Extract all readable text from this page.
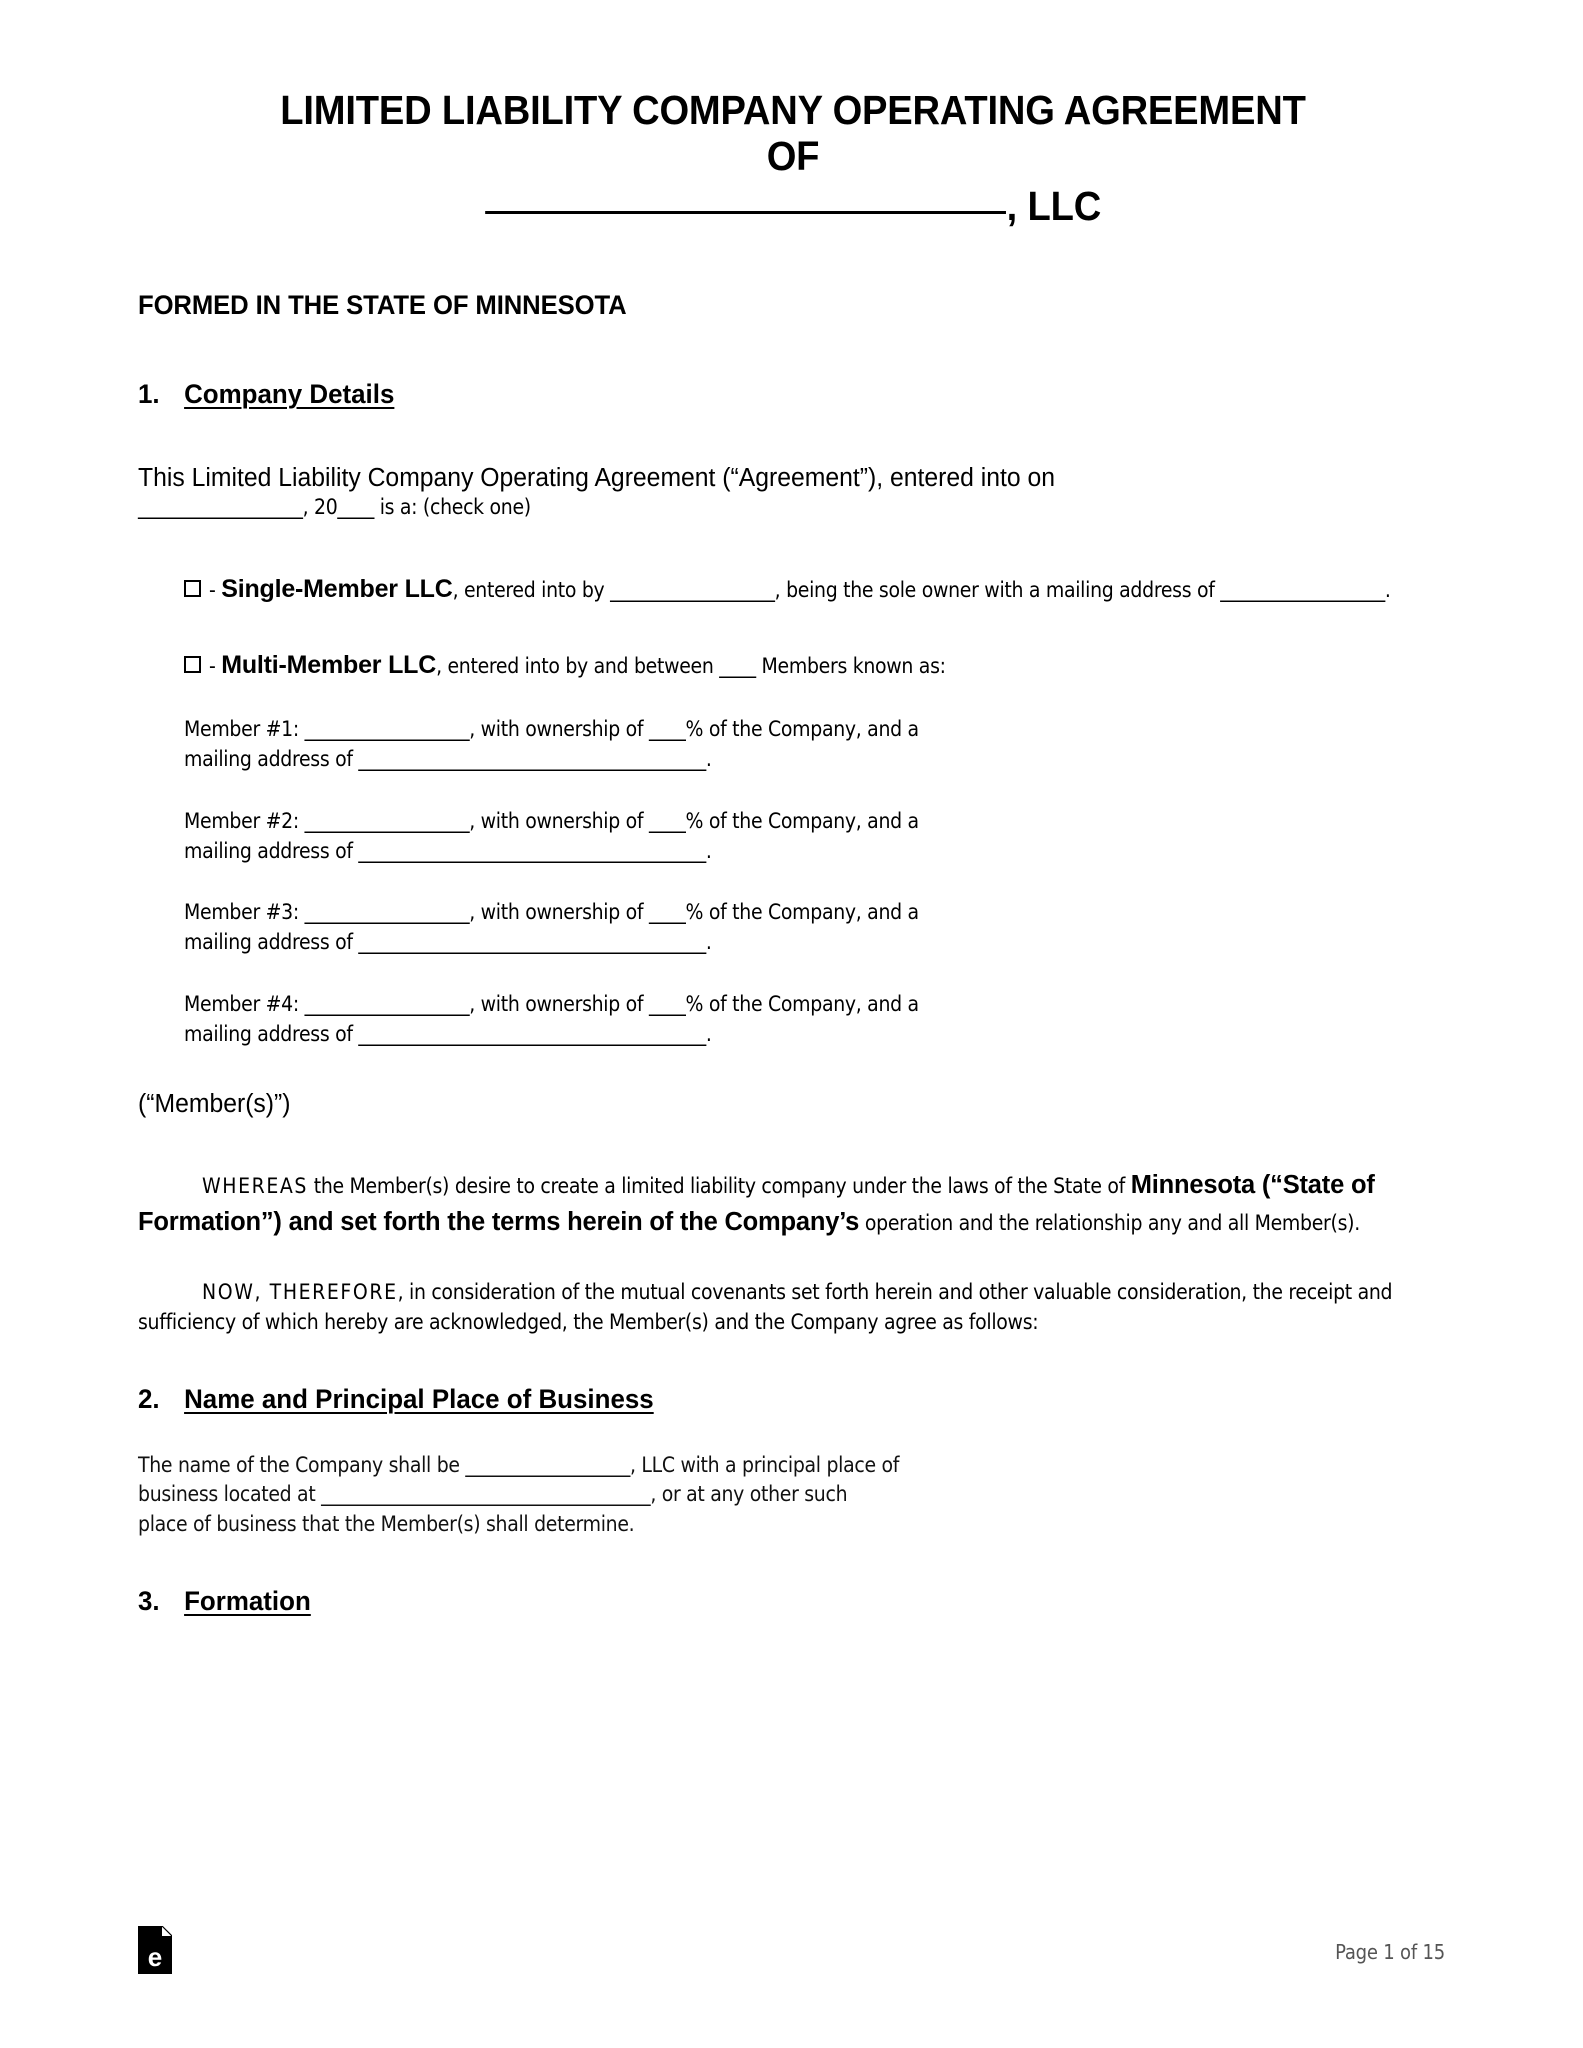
LIMITED LIABILITY COMPANY OPERATING AGREEMENT
OF
, LLC

FORMED IN THE STATE OF MINNESOTA

1. Company Details

This Limited Liability Company Operating Agreement (“Agreement”), entered into on
__________________, 20____ is a: (check one)

- Single-Member LLC, entered into by __________________, being the sole owner with a mailing address of __________________.

- Multi-Member LLC, entered into by and between ____ Members known as:

Member #1: __________________, with ownership of ____% of the Company, and a
mailing address of ______________________________________.

Member #2: __________________, with ownership of ____% of the Company, and a
mailing address of ______________________________________.

Member #3: __________________, with ownership of ____% of the Company, and a
mailing address of ______________________________________.

Member #4: __________________, with ownership of ____% of the Company, and a
mailing address of ______________________________________.

(“Member(s)”)

WHEREAS the Member(s) desire to create a limited liability company under the laws of the State of Minnesota (“State of Formation”) and set forth the terms herein of the Company’s operation and the relationship any and all Member(s).

NOW, THEREFORE, in consideration of the mutual covenants set forth herein and other valuable consideration, the receipt and sufficiency of which hereby are acknowledged, the Member(s) and the Company agree as follows:

2. Name and Principal Place of Business

The name of the Company shall be __________________, LLC with a principal place of
business located at ____________________________________, or at any other such
place of business that the Member(s) shall determine.

3. Formation
e	Page 1 of 15
